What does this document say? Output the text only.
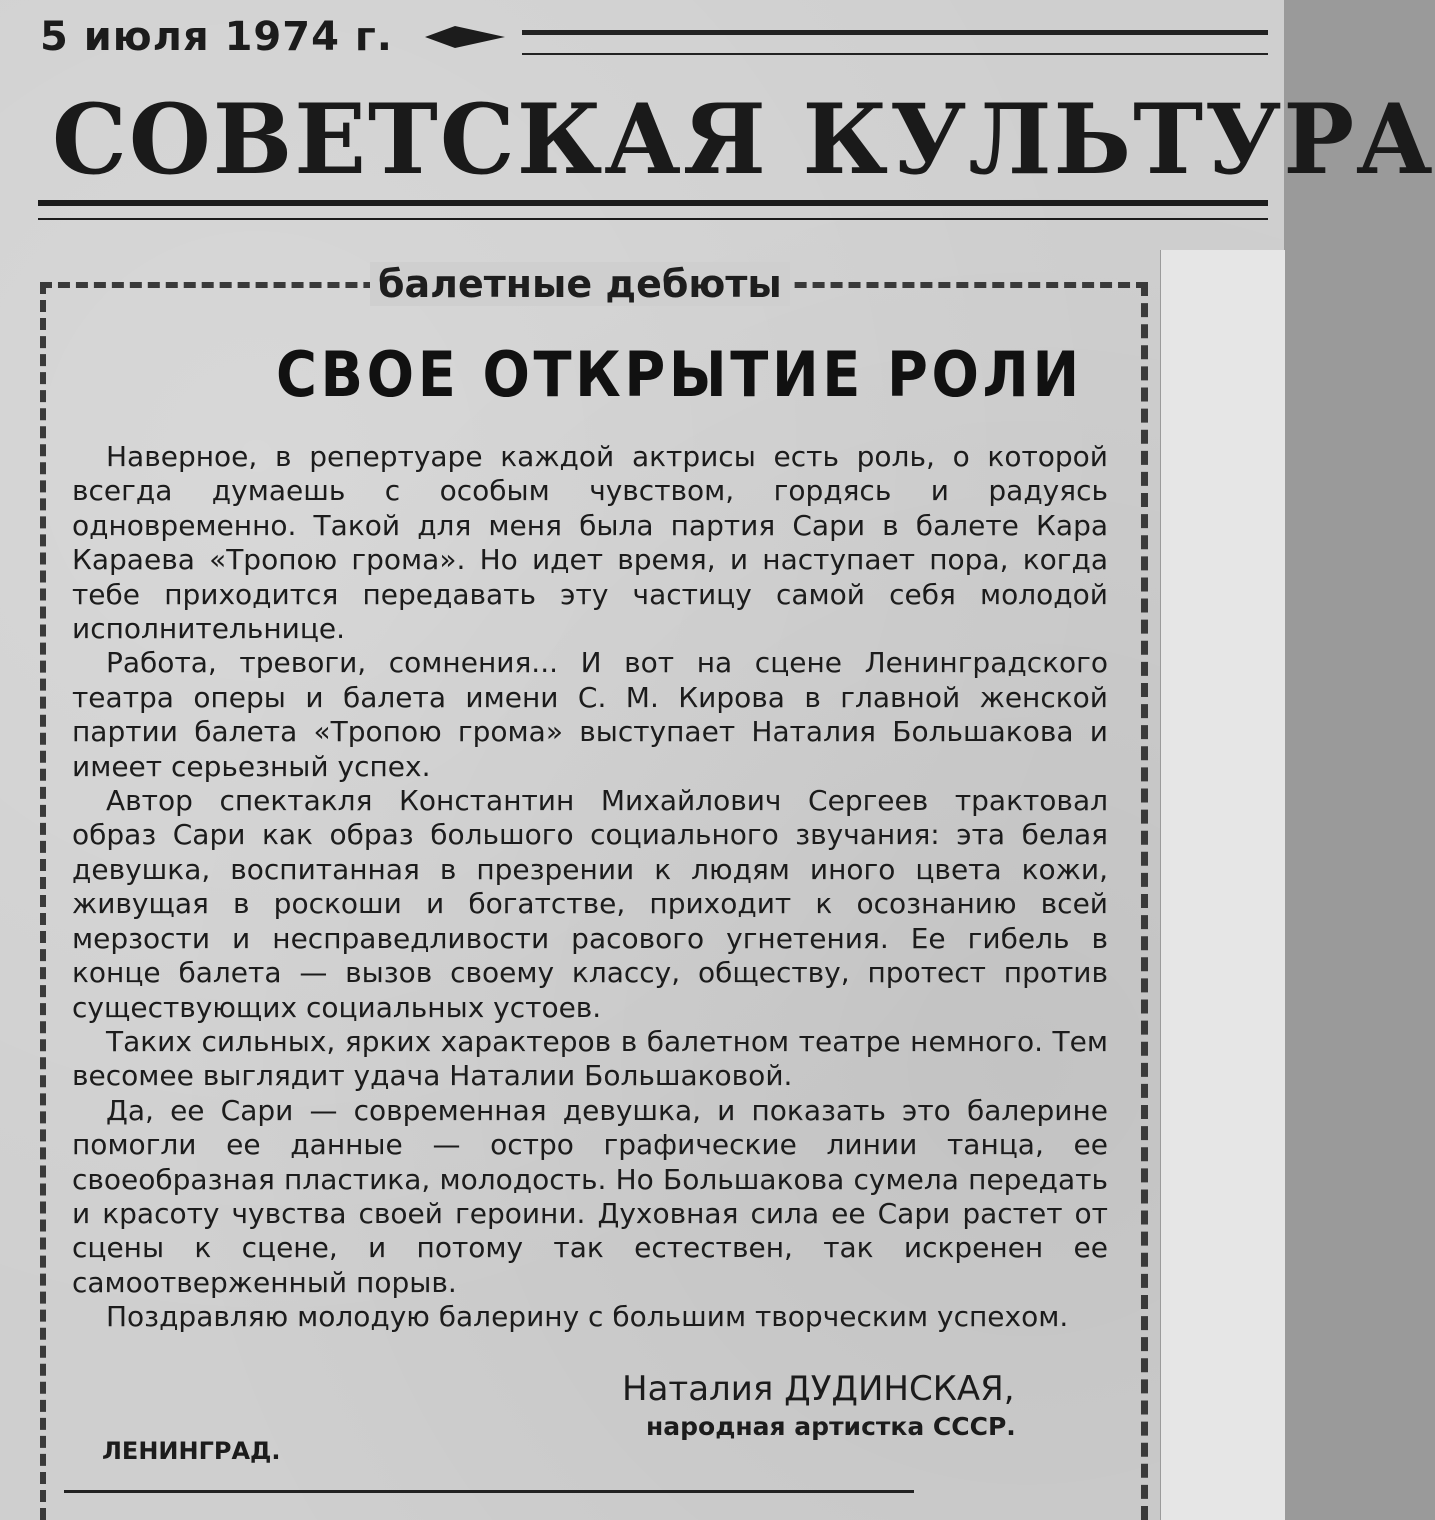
5 июля 1974 г.
СОВЕТСКАЯ КУЛЬТУРА
балетные дебюты
СВОЕ ОТКРЫТИЕ РОЛИ

Наверное, в репертуаре каждой актрисы есть роль, о которой всегда думаешь с особым чувством, гордясь и радуясь одновременно. Такой для меня была партия Сари в балете Кара Караева «Тропою грома». Но идет время, и наступает пора, когда тебе приходится передавать эту частицу самой себя молодой исполнительнице.

Работа, тревоги, сомнения... И вот на сцене Ленинградского театра оперы и балета имени С. М. Кирова в главной женской партии балета «Тропою грома» выступает Наталия Большакова и имеет серьезный успех.

Автор спектакля Константин Михайлович Сергеев трактовал образ Сари как образ большого социального звучания: эта белая девушка, воспитанная в презрении к людям иного цвета кожи, живущая в роскоши и богатстве, приходит к осознанию всей мерзости и несправедливости расового угнетения. Ее гибель в конце балета — вызов своему классу, обществу, протест против существующих социальных устоев.

Таких сильных, ярких характеров в балетном театре немного. Тем весомее выглядит удача Наталии Большаковой.

Да, ее Сари — современная девушка, и показать это балерине помогли ее данные — остро графические линии танца, ее своеобразная пластика, молодость. Но Большакова сумела передать и красоту чувства своей героини. Духовная сила ее Сари растет от сцены к сцене, и потому так естествен, так искренен ее самоотверженный порыв.

Поздравляю молодую балерину с большим творческим успехом.

Наталия ДУДИНСКАЯ,
народная артистка СССР.
ЛЕНИНГРАД.
